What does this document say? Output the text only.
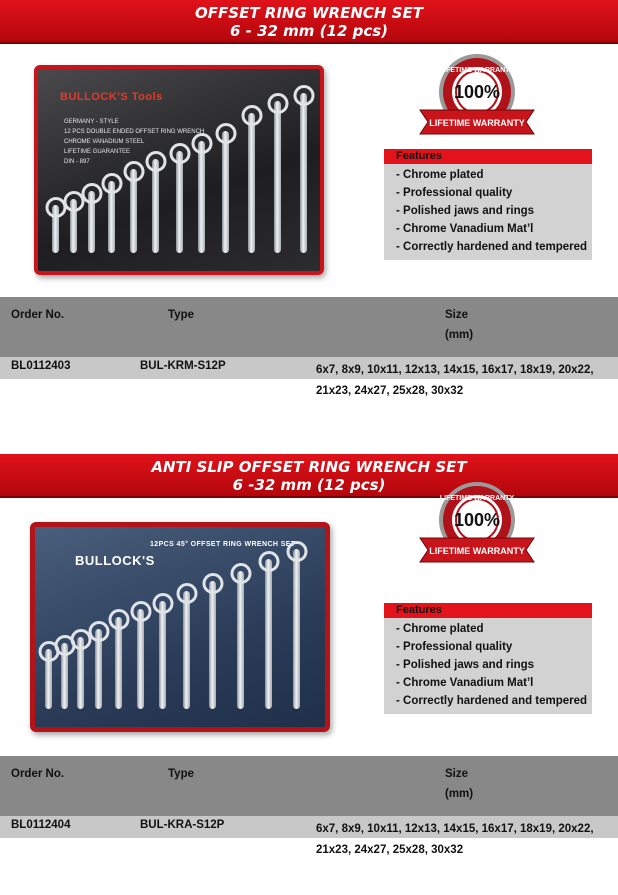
OFFSET RING WRENCH SET
6 - 32 mm (12 pcs)
BULLOCK'S Tools
GERMANY - STYLE
12 PCS DOUBLE ENDED OFFSET RING WRENCH
CHROME VANADIUM STEEL
LIFETIME GUARANTEE
DIN - 897
100%
LIFETIME WARRANTY
LIFETIME WARRANTY
Features
- Chrome plated
- Professional quality
- Polished jaws and rings
- Chrome Vanadium Mat’l
- Correctly hardened and tempered
Order No.	Type	Size
(mm)
BL0112403	BUL-KRM-S12P	6x7, 8x9, 10x11, 12x13, 14x15, 16x17, 18x19, 20x22, 21x23, 24x27, 25x28, 30x32
ANTI SLIP OFFSET RING WRENCH SET
6 -32 mm (12 pcs)
BULLOCK'S
12PCS 45° OFFSET RING WRENCH SET
100%
LIFETIME WARRANTY
LIFETIME WARRANTY
Features
- Chrome plated
- Professional quality
- Polished jaws and rings
- Chrome Vanadium Mat’l
- Correctly hardened and tempered
Order No.	Type	Size
(mm)
BL0112404	BUL-KRA-S12P	6x7, 8x9, 10x11, 12x13, 14x15, 16x17, 18x19, 20x22, 21x23, 24x27, 25x28, 30x32
